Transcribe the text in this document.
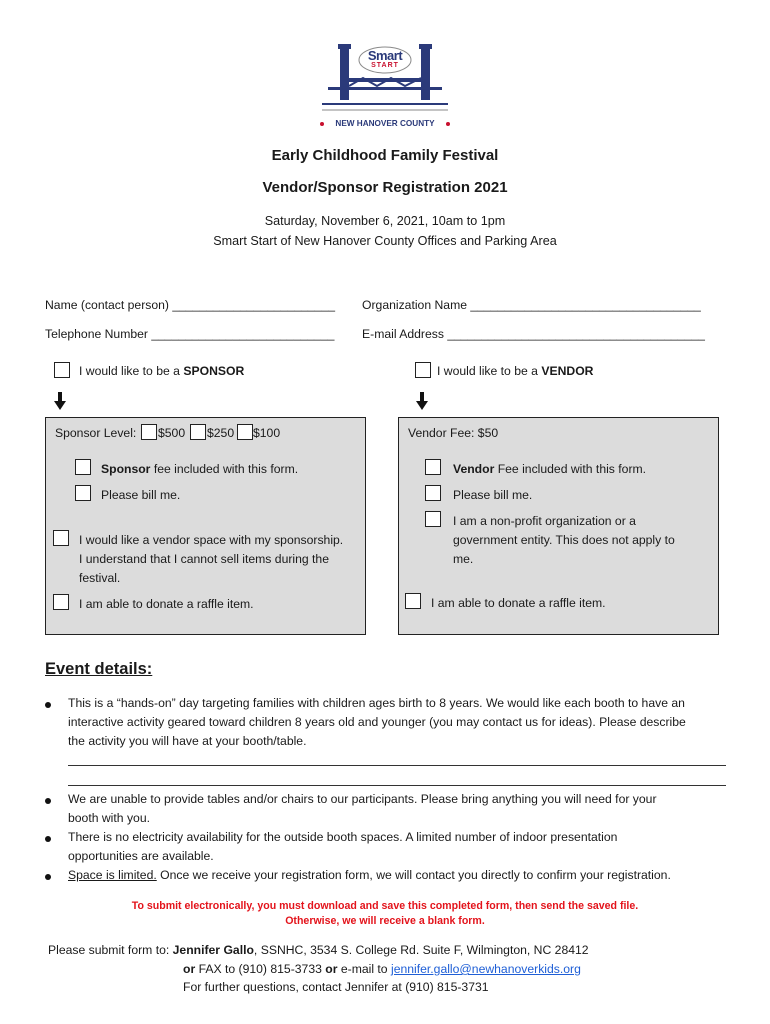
Smart
START
NEW HANOVER COUNTY
Early Childhood Family Festival
Vendor/Sponsor Registration 2021
Saturday, November 6, 2021, 10am to 1pm
Smart Start of New Hanover County Offices and Parking Area
Name (contact person) ________________________ Organization Name __________________________________
Telephone Number ___________________________ E-mail Address ______________________________________
I would like to be a SPONSOR	I would like to be a VENDOR
Sponsor Level: $500 $250 $100
Sponsor fee included with this form.
Please bill me.
I would like a vendor space with my sponsorship.
I understand that I cannot sell items during the
festival.
I am able to donate a raffle item.
Vendor Fee: $50
Vendor Fee included with this form.
Please bill me.
I am a non-profit organization or a
government entity. This does not apply to
me.
I am able to donate a raffle item.
Event details:
This is a “hands-on” day targeting families with children ages birth to 8 years. We would like each booth to have an
interactive activity geared toward children 8 years old and younger (you may contact us for ideas). Please describe
the activity you will have at your booth/table.
We are unable to provide tables and/or chairs to our participants. Please bring anything you will need for your
booth with you.
There is no electricity availability for the outside booth spaces. A limited number of indoor presentation
opportunities are available.
Space is limited. Once we receive your registration form, we will contact you directly to confirm your registration.
To submit electronically, you must download and save this completed form, then send the saved file.
Otherwise, we will receive a blank form.
Please submit form to: Jennifer Gallo, SSNHC, 3534 S. College Rd. Suite F, Wilmington, NC 28412
or FAX to (910) 815-3733 or e-mail to jennifer.gallo@newhanoverkids.org
For further questions, contact Jennifer at (910) 815-3731
